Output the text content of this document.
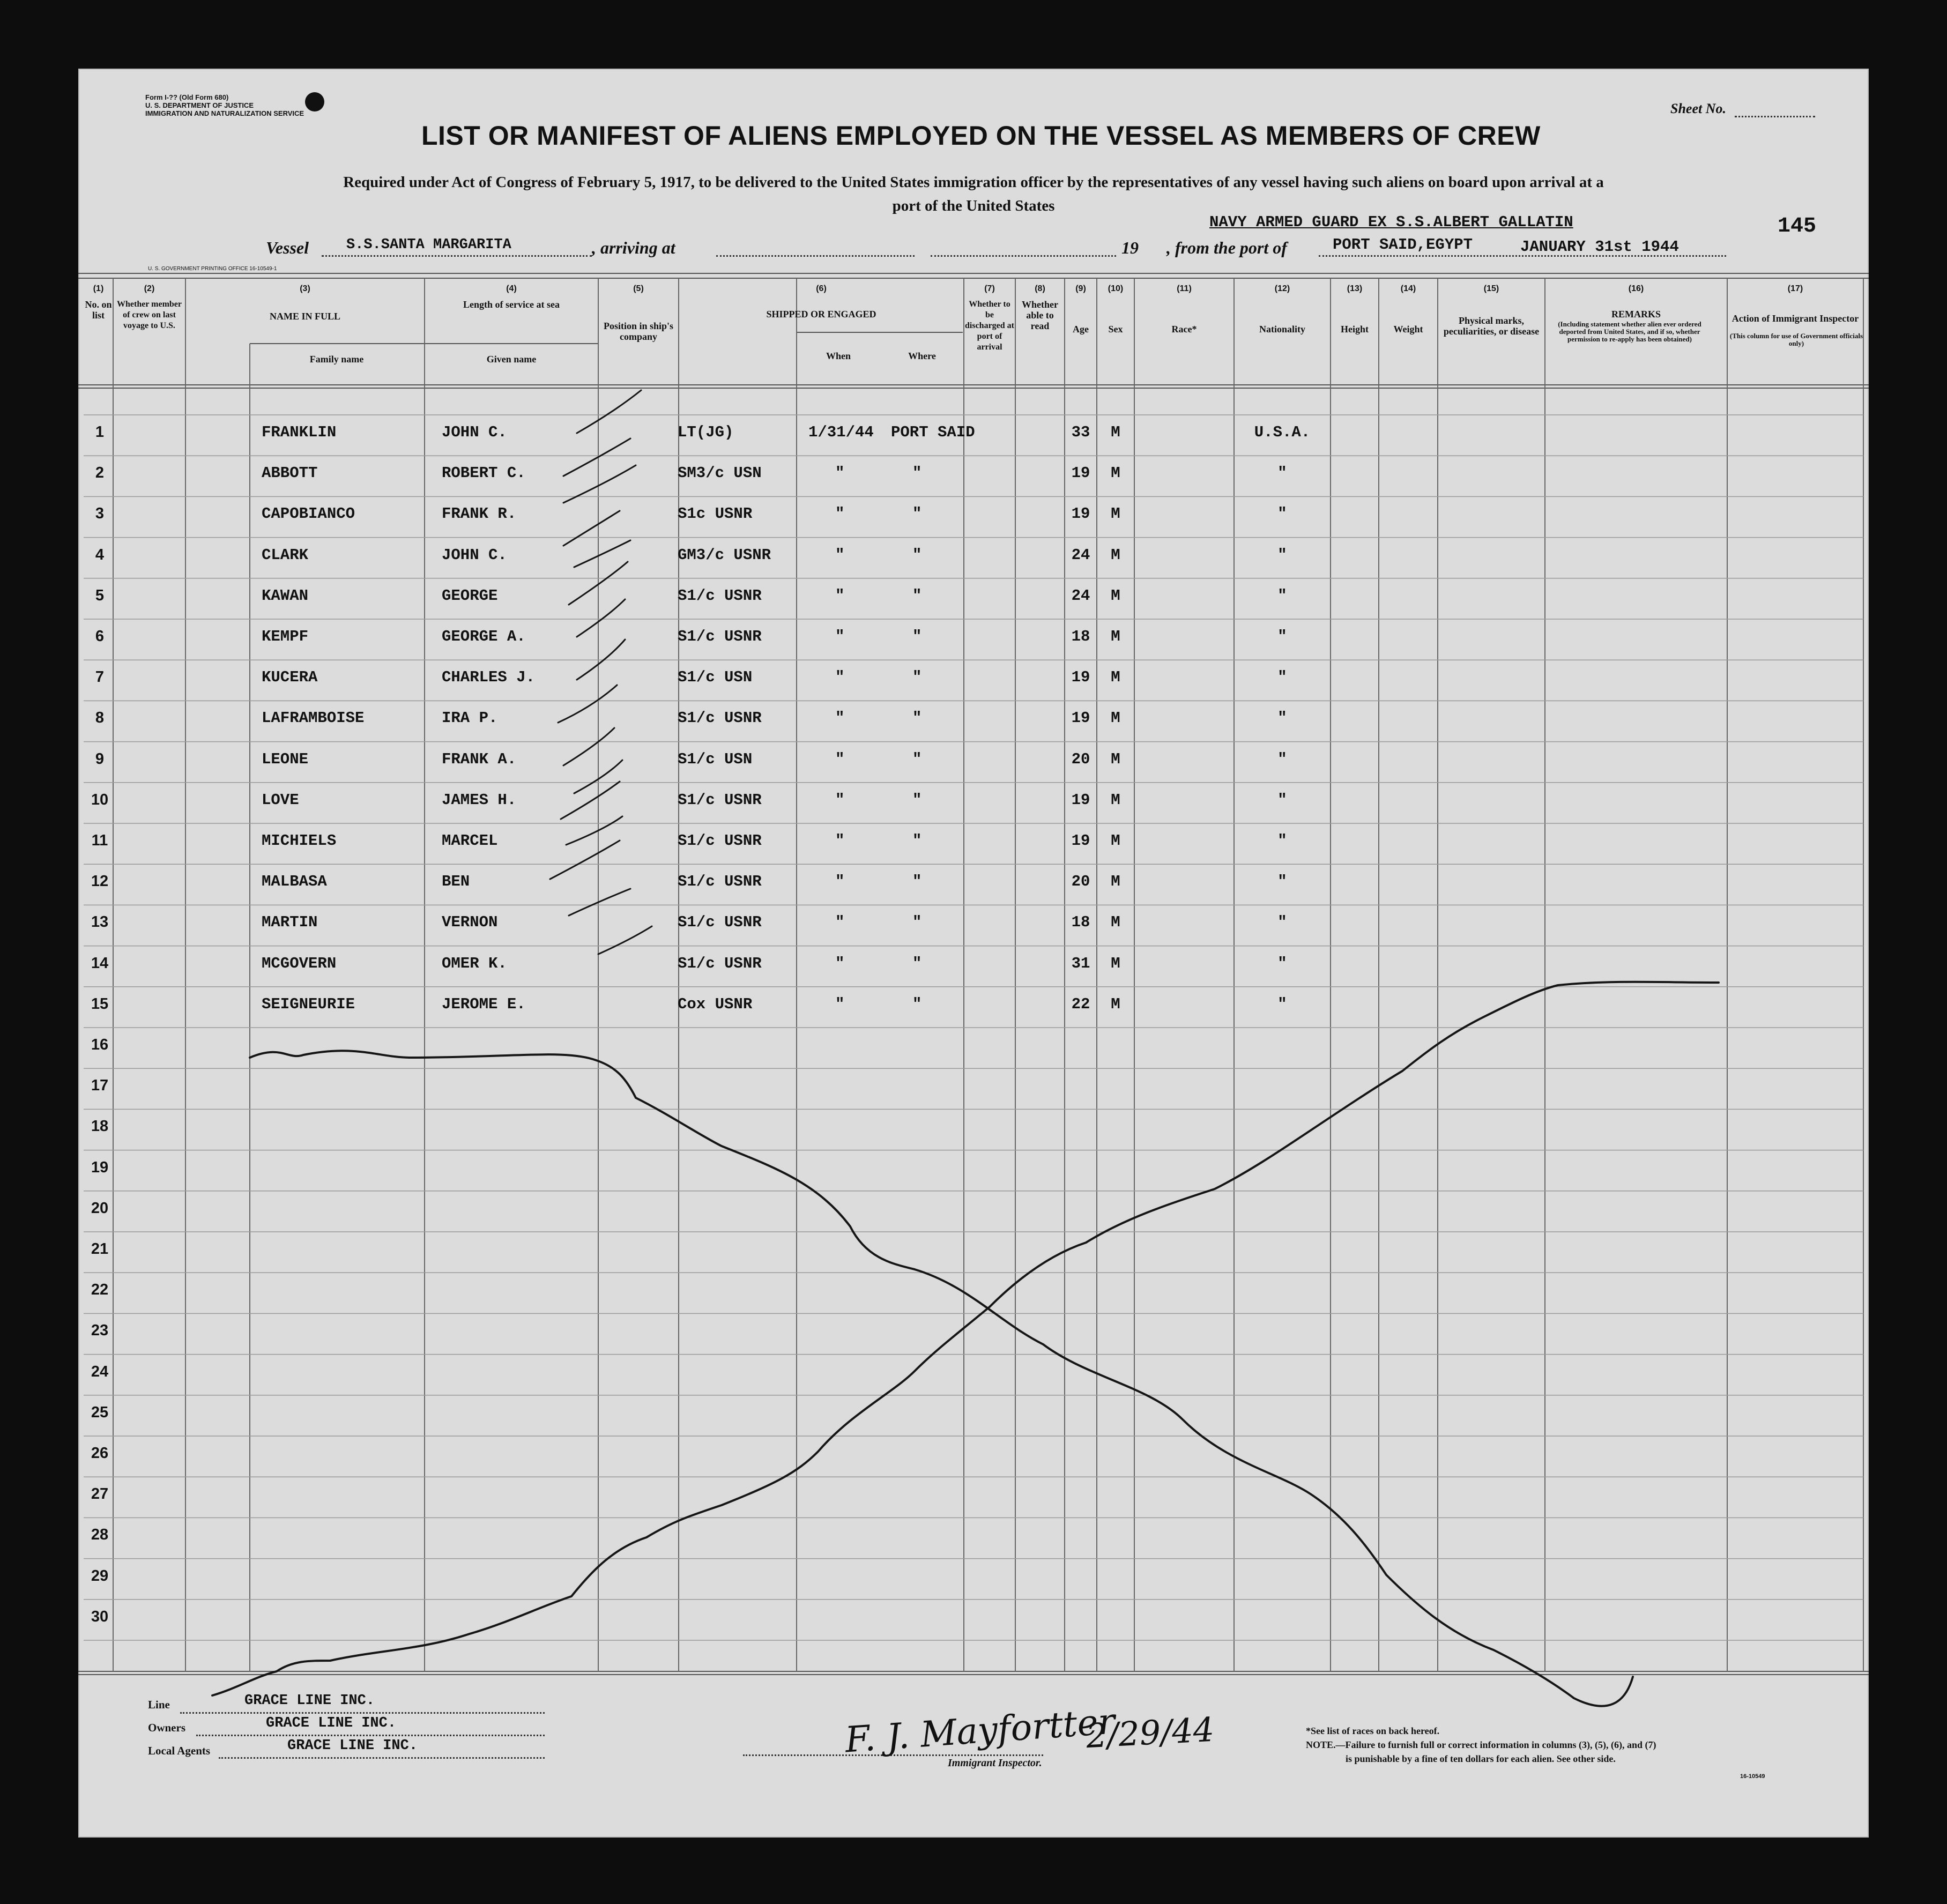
Form I-?? (Old Form 680)
U. S. DEPARTMENT OF JUSTICE
IMMIGRATION AND NATURALIZATION SERVICE	Sheet No.
LIST OR MANIFEST OF ALIENS EMPLOYED ON THE VESSEL AS MEMBERS OF CREW
Required under Act of Congress of February 5, 1917, to be delivered to the United States immigration officer by the representatives of any vessel having such aliens on board upon arrival at a
port of the United States
NAVY ARMED GUARD EX S.S.ALBERT GALLATIN	145
Vessel	S.S.SANTA MARGARITA	, arriving at	19 , from the port of	PORT SAID,EGYPT	JANUARY 31st 1944
U. S. GOVERNMENT PRINTING OFFICE 16-10549-1
(1)
No. on list
(2)
Whether member of crew on last voyage to U.S.
(3)
NAME IN FULL
(4)
Length of service at sea
(5)
Position in ship's company
(6)
SHIPPED OR ENGAGED
(7)
Whether to be discharged at port of arrival
(8)
Whether able to read
(9)
Age
(10)
Sex
(11)
Race*
(12)
Nationality
(13)
Height
(14)
Weight
(15)
Physical marks, peculiarities, or disease
(16)
REMARKS
(17)
Action of Immigrant Inspector
Family name	Given name	When	Where
(Including statement whether alien ever ordered deported from United States, and if so, whether permission to re-apply has been obtained)	(This column for use of Government officials only)
1	FRANKLIN	JOHN C.	LT(JG)	1/31/44 PORT SAID	33	M	U.S.A.
2	ABBOTT	ROBERT C.	SM3/c USN	"	"	19	M	"
3	CAPOBIANCO	FRANK R.	S1c USNR	"	"	19	M	"
4	CLARK	JOHN C.	GM3/c USNR	"	"	24	M	"
5	KAWAN	GEORGE	S1/c USNR	"	"	24	M	"
6	KEMPF	GEORGE A.	S1/c USNR	"	"	18	M	"
7	KUCERA	CHARLES J.	S1/c USN	"	"	19	M	"
8	LAFRAMBOISE	IRA P.	S1/c USNR	"	"	19	M	"
9	LEONE	FRANK A.	S1/c USN	"	"	20	M	"
10	LOVE	JAMES H.	S1/c USNR	"	"	19	M	"
11	MICHIELS	MARCEL	S1/c USNR	"	"	19	M	"
12	MALBASA	BEN	S1/c USNR	"	"	20	M	"
13	MARTIN	VERNON	S1/c USNR	"	"	18	M	"
14	MCGOVERN	OMER K.	S1/c USNR	"	"	31	M	"
15	SEIGNEURIE	JEROME E.	Cox USNR	"	"	22	M	"
16
17
18
19
20
21
22
23
24
25
26
27
28
29
30
Line	GRACE LINE INC.
Owners	GRACE LINE INC.
Local Agents	GRACE LINE INC.	F. J. Mayfortter
2/29/44
Immigrant Inspector.
*See list of races on back hereof.
NOTE.—Failure to furnish full or correct information in columns (3), (5), (6), and (7)
is punishable by a fine of ten dollars for each alien. See other side.
16-10549
